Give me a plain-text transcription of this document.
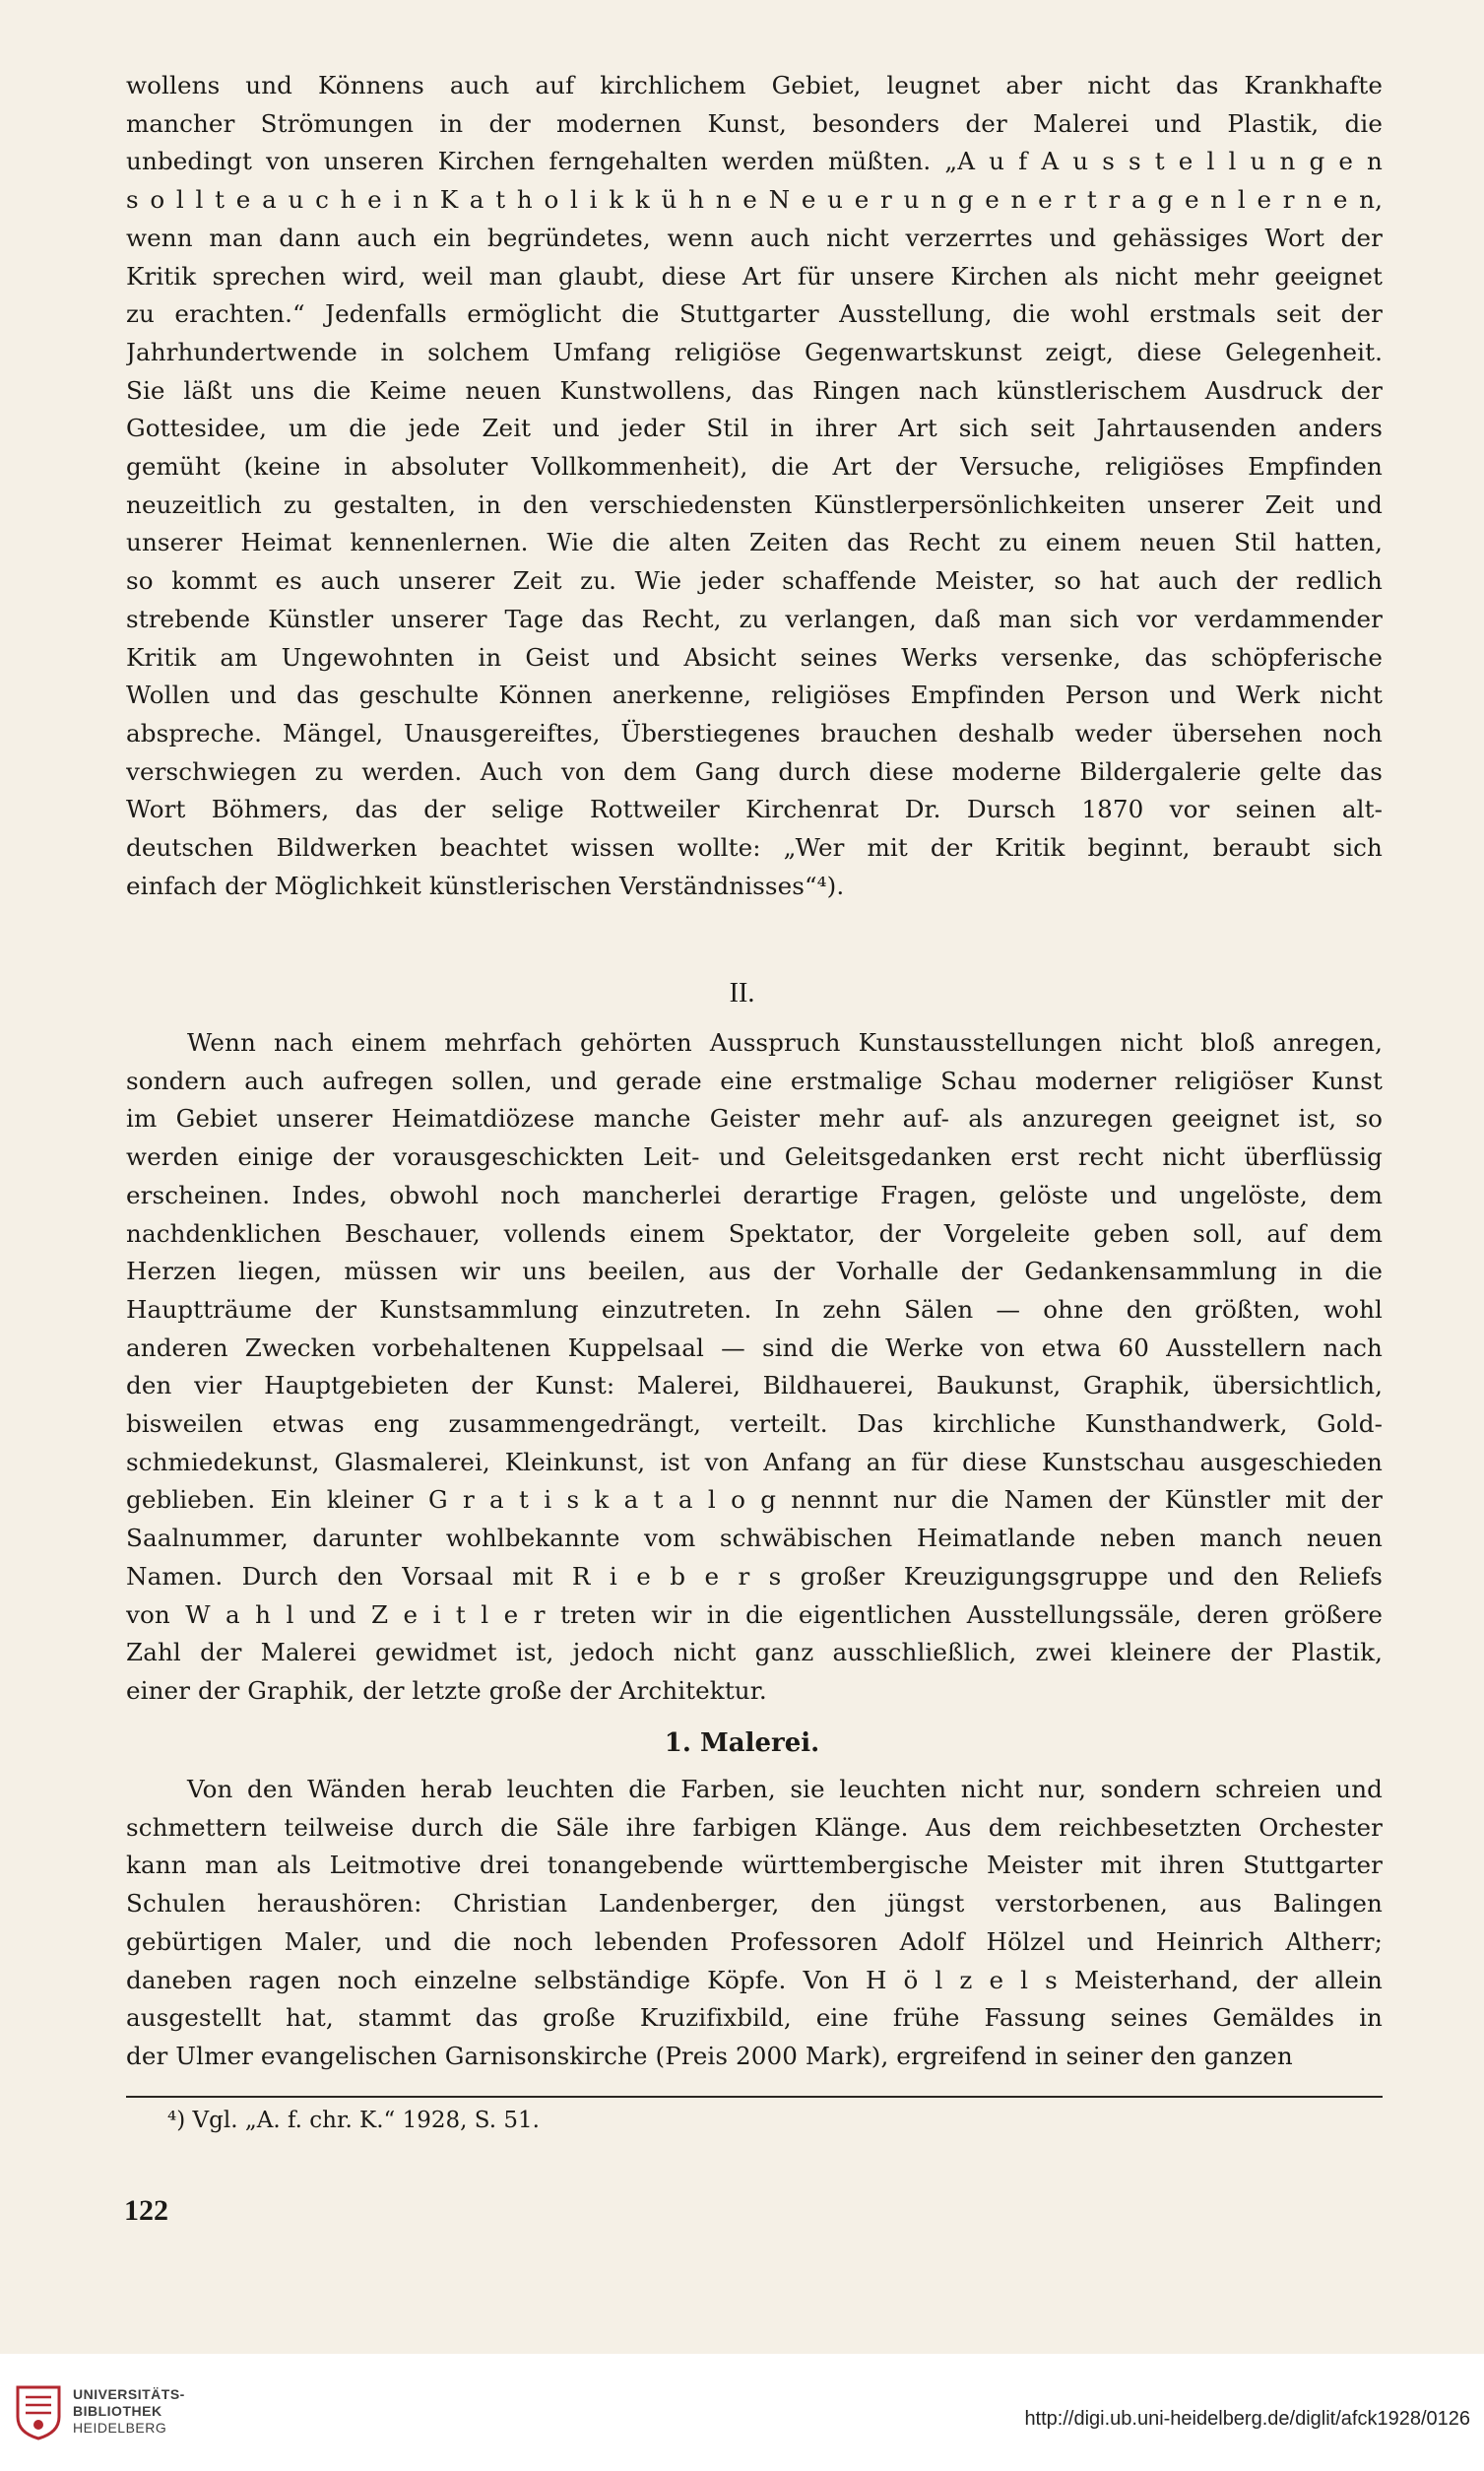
wollens und Könnens auch auf kirchlichem Gebiet, leugnet aber nicht das Krankhafte
mancher Strömungen in der modernen Kunst, besonders der Malerei und Plastik, die
unbedingt von unseren Kirchen ferngehalten werden müßten. „A u f A u s s t e l l u n g e n
s o l l t e a u c h e i n K a t h o l i k k ü h n e N e u e r u n g e n e r t r a g e n l e r n e n,
wenn man dann auch ein begründetes, wenn auch nicht verzerrtes und gehässiges Wort der
Kritik sprechen wird, weil man glaubt, diese Art für unsere Kirchen als nicht mehr geeignet
zu erachten.“ Jedenfalls ermöglicht die Stuttgarter Ausstellung, die wohl erstmals seit der
Jahrhundertwende in solchem Umfang religiöse Gegenwartskunst zeigt, diese Gelegenheit.
Sie läßt uns die Keime neuen Kunstwollens, das Ringen nach künstlerischem Ausdruck der
Gottesidee, um die jede Zeit und jeder Stil in ihrer Art sich seit Jahrtausenden anders
gemüht (keine in absoluter Vollkommenheit), die Art der Versuche, religiöses Empfinden
neuzeitlich zu gestalten, in den verschiedensten Künstlerpersönlichkeiten unserer Zeit und
unserer Heimat kennenlernen. Wie die alten Zeiten das Recht zu einem neuen Stil hatten,
so kommt es auch unserer Zeit zu. Wie jeder schaffende Meister, so hat auch der redlich
strebende Künstler unserer Tage das Recht, zu verlangen, daß man sich vor verdammender
Kritik am Ungewohnten in Geist und Absicht seines Werks versenke, das schöpferische
Wollen und das geschulte Können anerkenne, religiöses Empfinden Person und Werk nicht
abspreche. Mängel, Unausgereiftes, Überstiegenes brauchen deshalb weder übersehen noch
verschwiegen zu werden. Auch von dem Gang durch diese moderne Bildergalerie gelte das
Wort Böhmers, das der selige Rottweiler Kirchenrat Dr. Dursch 1870 vor seinen alt-
deutschen Bildwerken beachtet wissen wollte: „Wer mit der Kritik beginnt, beraubt sich
einfach der Möglichkeit künstlerischen Verständnisses“⁴).
II.
Wenn nach einem mehrfach gehörten Ausspruch Kunstausstellungen nicht bloß anregen,
sondern auch aufregen sollen, und gerade eine erstmalige Schau moderner religiöser Kunst
im Gebiet unserer Heimatdiözese manche Geister mehr auf- als anzuregen geeignet ist, so
werden einige der vorausgeschickten Leit- und Geleitsgedanken erst recht nicht überflüssig
erscheinen. Indes, obwohl noch mancherlei derartige Fragen, gelöste und ungelöste, dem
nachdenklichen Beschauer, vollends einem Spektator, der Vorgeleite geben soll, auf dem
Herzen liegen, müssen wir uns beeilen, aus der Vorhalle der Gedankensammlung in die
Hauptträume der Kunstsammlung einzutreten. In zehn Sälen — ohne den größten, wohl
anderen Zwecken vorbehaltenen Kuppelsaal — sind die Werke von etwa 60 Ausstellern nach
den vier Hauptgebieten der Kunst: Malerei, Bildhauerei, Baukunst, Graphik, übersichtlich,
bisweilen etwas eng zusammengedrängt, verteilt. Das kirchliche Kunsthandwerk, Gold-
schmiedekunst, Glasmalerei, Kleinkunst, ist von Anfang an für diese Kunstschau ausgeschieden
geblieben. Ein kleiner G r a t i s k a t a l o g nennnt nur die Namen der Künstler mit der
Saalnummer, darunter wohlbekannte vom schwäbischen Heimatlande neben manch neuen
Namen. Durch den Vorsaal mit R i e b e r s großer Kreuzigungsgruppe und den Reliefs
von W a h l und Z e i t l e r treten wir in die eigentlichen Ausstellungssäle, deren größere
Zahl der Malerei gewidmet ist, jedoch nicht ganz ausschließlich, zwei kleinere der Plastik,
einer der Graphik, der letzte große der Architektur.
1. Malerei.
Von den Wänden herab leuchten die Farben, sie leuchten nicht nur, sondern schreien und
schmettern teilweise durch die Säle ihre farbigen Klänge. Aus dem reichbesetzten Orchester
kann man als Leitmotive drei tonangebende württembergische Meister mit ihren Stuttgarter
Schulen heraushören: Christian Landenberger, den jüngst verstorbenen, aus Balingen
gebürtigen Maler, und die noch lebenden Professoren Adolf Hölzel und Heinrich Altherr;
daneben ragen noch einzelne selbständige Köpfe. Von H ö l z e l s Meisterhand, der allein
ausgestellt hat, stammt das große Kruzifixbild, eine frühe Fassung seines Gemäldes in
der Ulmer evangelischen Garnisonskirche (Preis 2000 Mark), ergreifend in seiner den ganzen
⁴) Vgl. „A. f. chr. K.“ 1928, S. 51.
122
UNIVERSITÄTS-
BIBLIOTHEK
HEIDELBERG	http://digi.ub.uni-heidelberg.de/diglit/afck1928/0126
